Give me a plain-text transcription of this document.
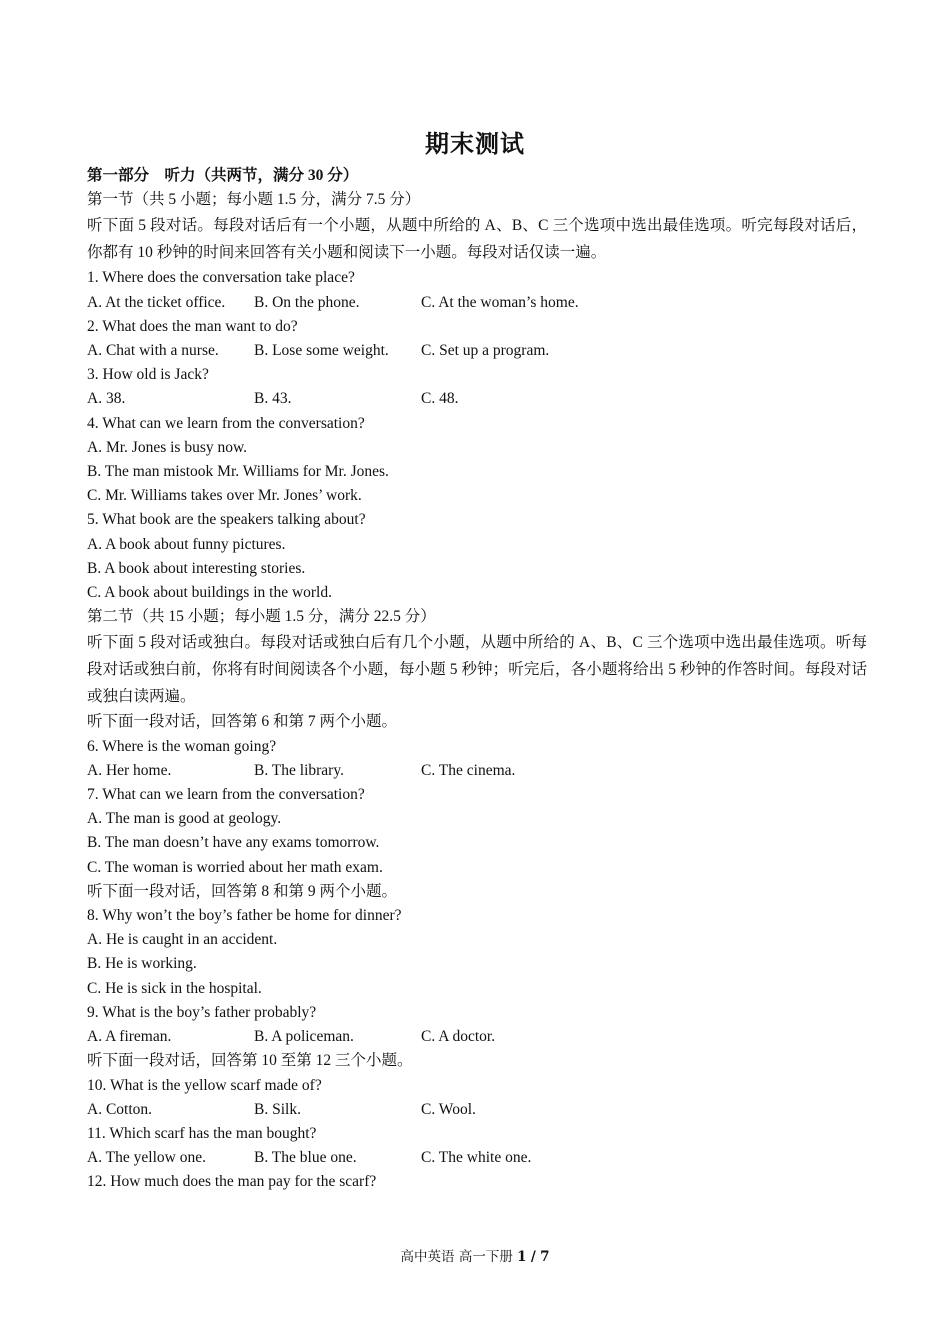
期末测试
第一部分　听力（共两节，满分 30 分）
第一节（共 5 小题；每小题 1.5 分，满分 7.5 分）
听下面 5 段对话。每段对话后有一个小题，从题中所给的 A、B、C 三个选项中选出最佳选项。听完每段对话后，你都有 10 秒钟的时间来回答有关小题和阅读下一小题。每段对话仅读一遍。
1. Where does the conversation take place?
A. At the ticket office.	B. On the phone.	C. At the woman’s home.
2. What does the man want to do?
A. Chat with a nurse.	B. Lose some weight.	C. Set up a program.
3. How old is Jack?
A. 38.	B. 43.	C. 48.
4. What can we learn from the conversation?
A. Mr. Jones is busy now.
B. The man mistook Mr. Williams for Mr. Jones.
C. Mr. Williams takes over Mr. Jones’ work.
5. What book are the speakers talking about?
A. A book about funny pictures.
B. A book about interesting stories.
C. A book about buildings in the world.
第二节（共 15 小题；每小题 1.5 分，满分 22.5 分）
听下面 5 段对话或独白。每段对话或独白后有几个小题，从题中所给的 A、B、C 三个选项中选出最佳选项。听每段对话或独白前，你将有时间阅读各个小题，每小题 5 秒钟；听完后，各小题将给出 5 秒钟的作答时间。每段对话或独白读两遍。
听下面一段对话，回答第 6 和第 7 两个小题。
6. Where is the woman going?
A. Her home.	B. The library.	C. The cinema.
7. What can we learn from the conversation?
A. The man is good at geology.
B. The man doesn’t have any exams tomorrow.
C. The woman is worried about her math exam.
听下面一段对话，回答第 8 和第 9 两个小题。
8. Why won’t the boy’s father be home for dinner?
A. He is caught in an accident.
B. He is working.
C. He is sick in the hospital.
9. What is the boy’s father probably?
A. A fireman.	B. A policeman.	C. A doctor.
听下面一段对话，回答第 10 至第 12 三个小题。
10. What is the yellow scarf made of?
A. Cotton.	B. Silk.	C. Wool.
11. Which scarf has the man bought?
A. The yellow one.	B. The blue one.	C. The white one.
12. How much does the man pay for the scarf?
高中英语 高一下册 1 / 7
